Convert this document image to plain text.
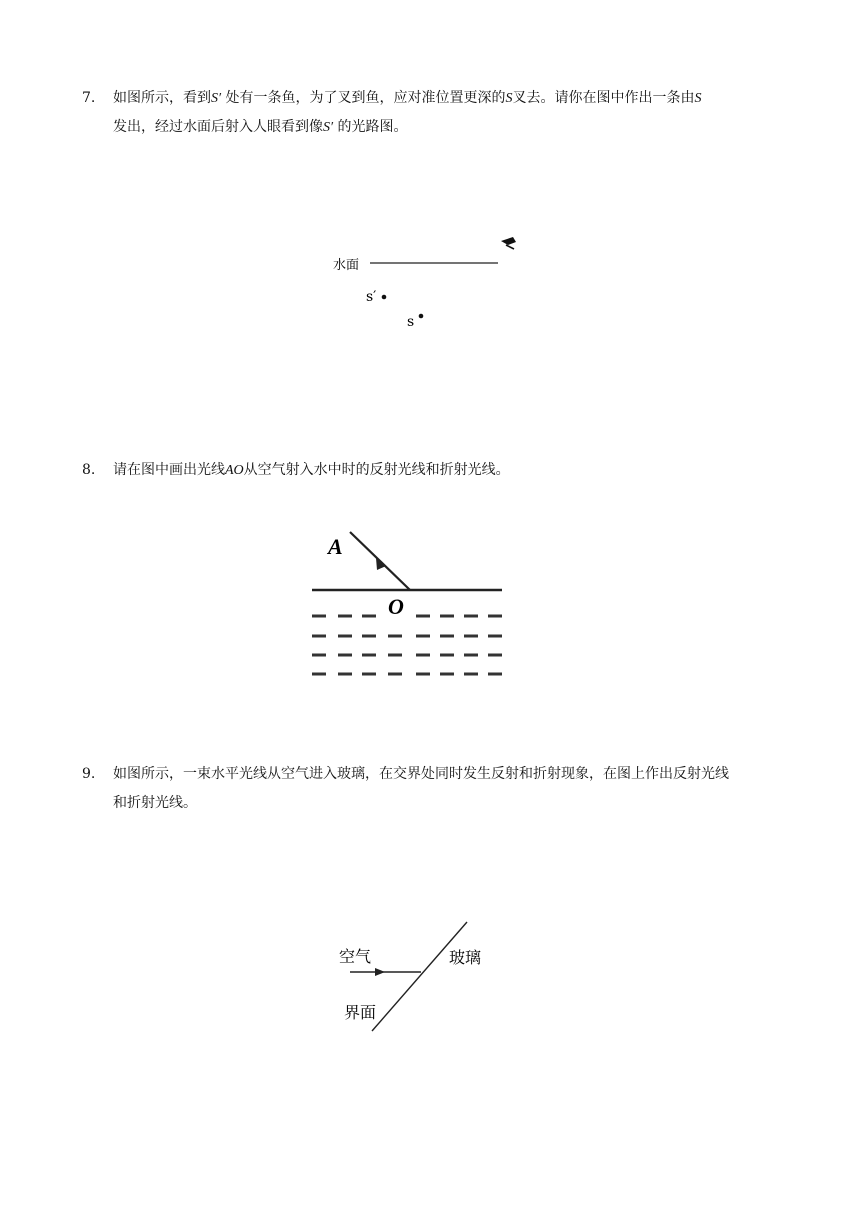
7. 如图所示，看到S′ 处有一条鱼，为了叉到鱼，应对准位置更深的S叉去。请你在图中作出一条由S
发出，经过水面后射入人眼看到像S′ 的光路图。
水面
s′
s
8. 请在图中画出光线AO从空气射入水中时的反射光线和折射光线。
A
O
9. 如图所示，一束水平光线从空气进入玻璃，在交界处同时发生反射和折射现象，在图上作出反射光线
和折射光线。
空气	玻璃
界面
